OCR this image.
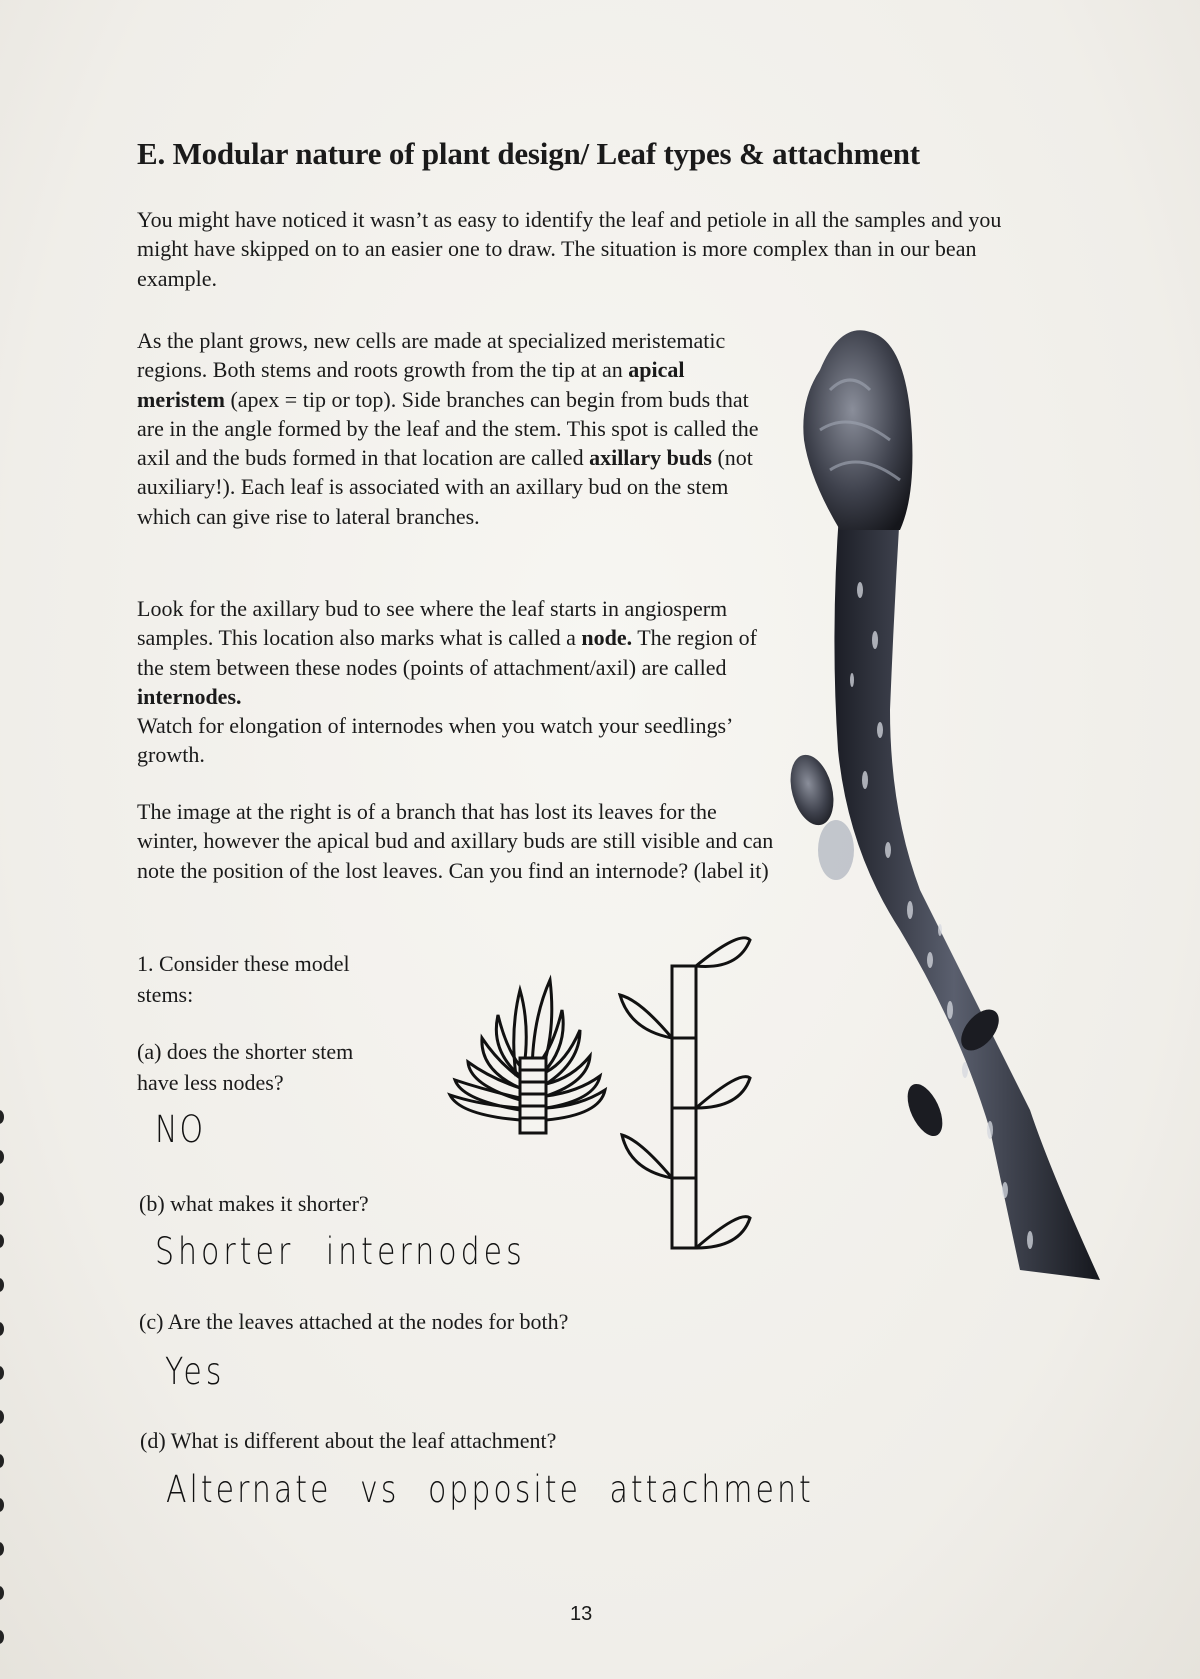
E. Modular nature of plant design/ Leaf types & attachment

You might have noticed it wasn’t as easy to identify the leaf and petiole in all the samples and you might have skipped on to an easier one to draw. The situation is more complex than in our bean example.

As the plant grows, new cells are made at specialized meristematic regions. Both stems and roots growth from the tip at an apical meristem (apex = tip or top). Side branches can begin from buds that are in the angle formed by the leaf and the stem. This spot is called the axil and the buds formed in that location are called axillary buds (not auxiliary!). Each leaf is associated with an axillary bud on the stem which can give rise to lateral branches.

Look for the axillary bud to see where the leaf starts in angiosperm samples. This location also marks what is called a node. The region of the stem between these nodes (points of attachment/axil) are called internodes.
Watch for elongation of internodes when you watch your seedlings’ growth.

The image at the right is of a branch that has lost its leaves for the winter, however the apical bud and axillary buds are still visible and can note the position of the lost leaves. Can you find an internode? (label it)

1. Consider these model stems:

(a) does the shorter stem have less nodes?

NO

(b) what makes it shorter?

Shorter internodes

(c) Are the leaves attached at the nodes for both?

Yes

(d) What is different about the leaf attachment?

Alternate vs opposite attachment

13
